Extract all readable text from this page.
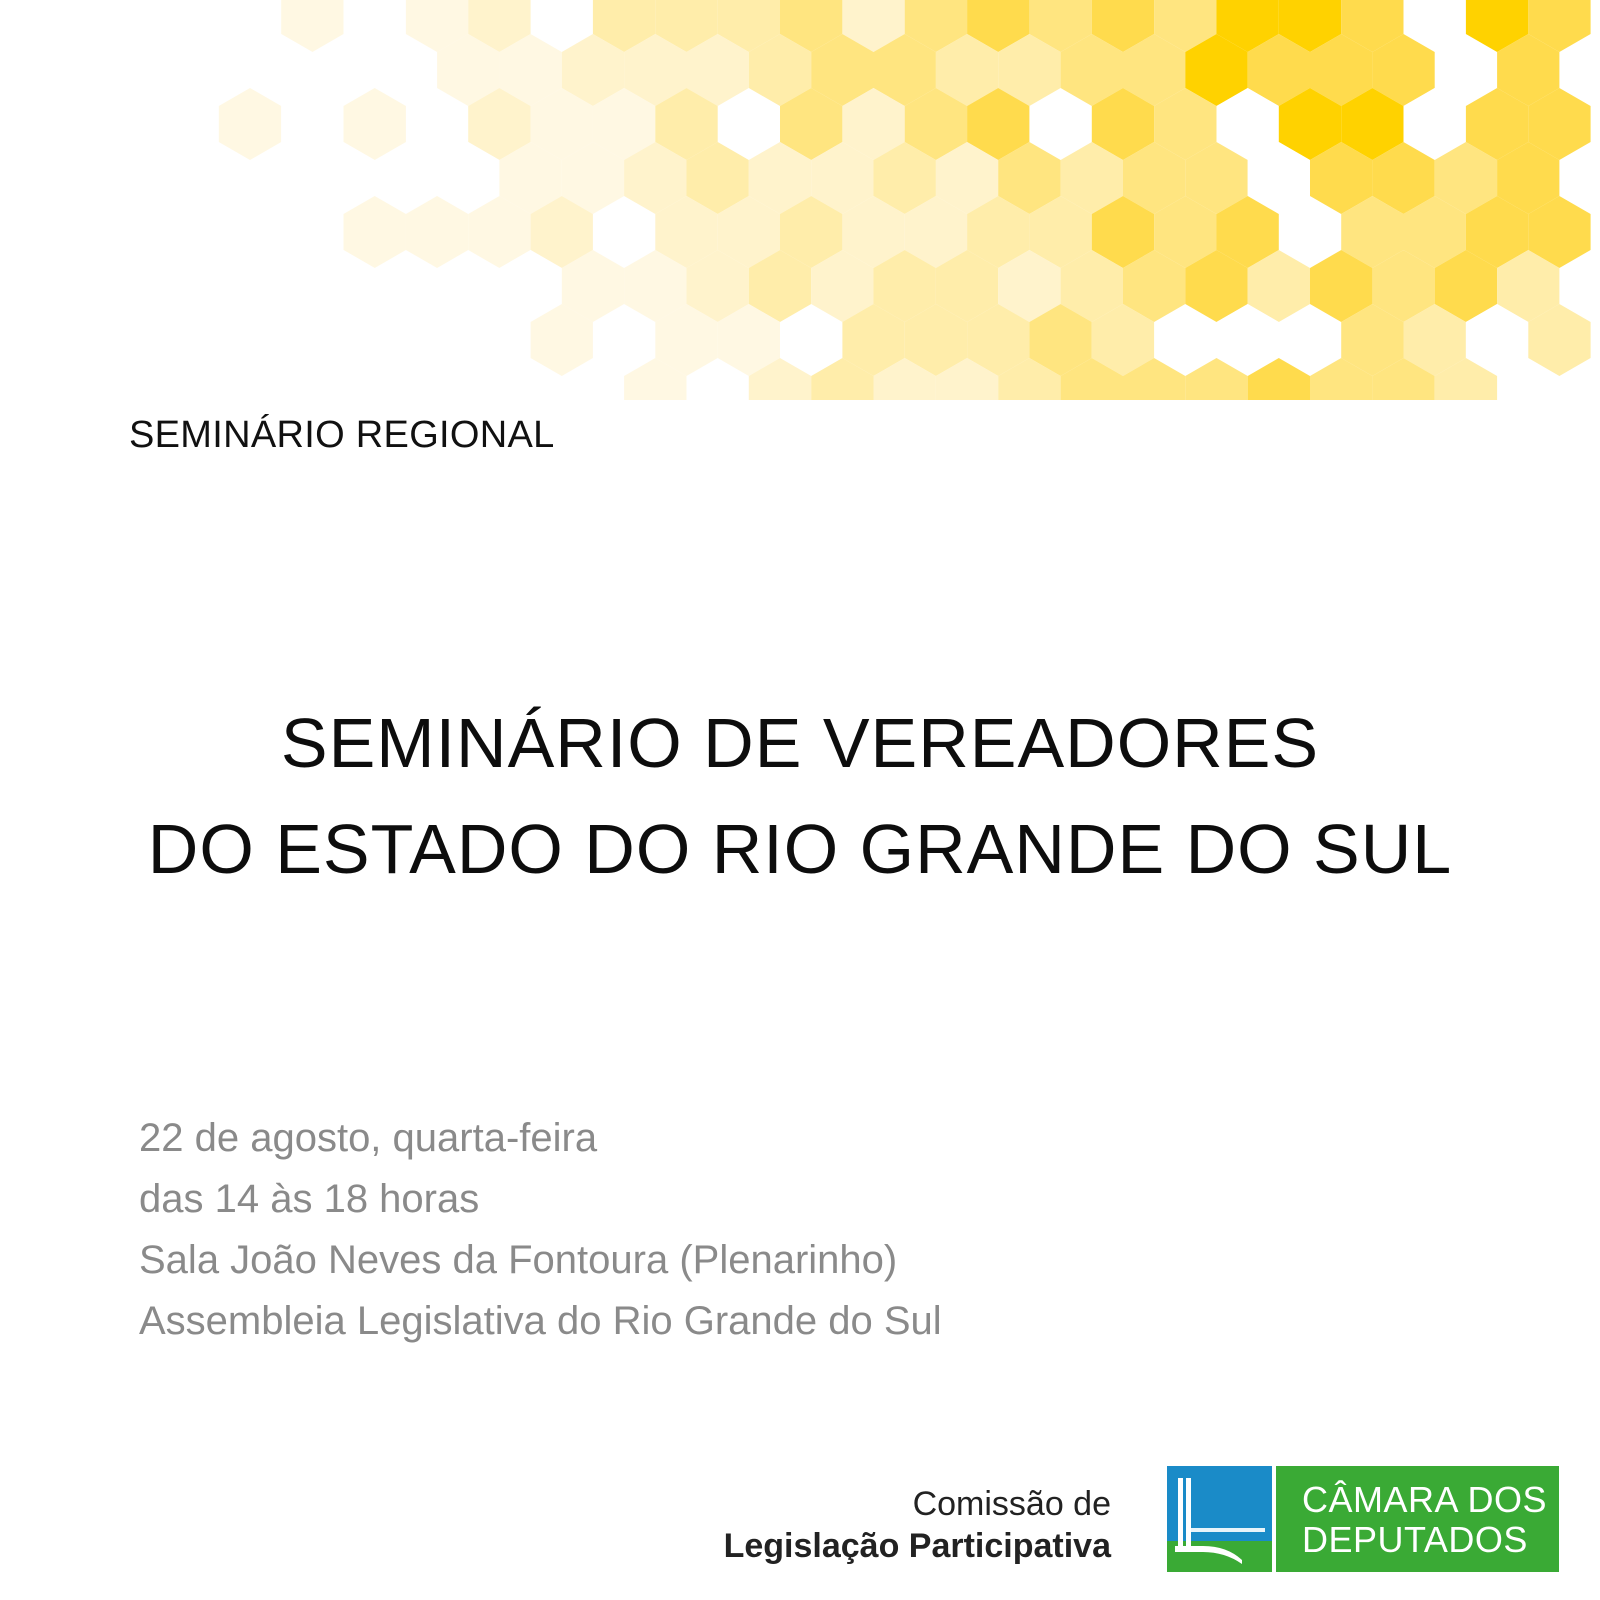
SEMINÁRIO REGIONAL
SEMINÁRIO DE VEREADORES
DO ESTADO DO RIO GRANDE DO SUL
22 de agosto, quarta-feira
das 14 às 18 horas
Sala João Neves da Fontoura (Plenarinho)
Assembleia Legislativa do Rio Grande do Sul
Comissão de
Legislação Participativa
CÂMARA DOS
DEPUTADOS
